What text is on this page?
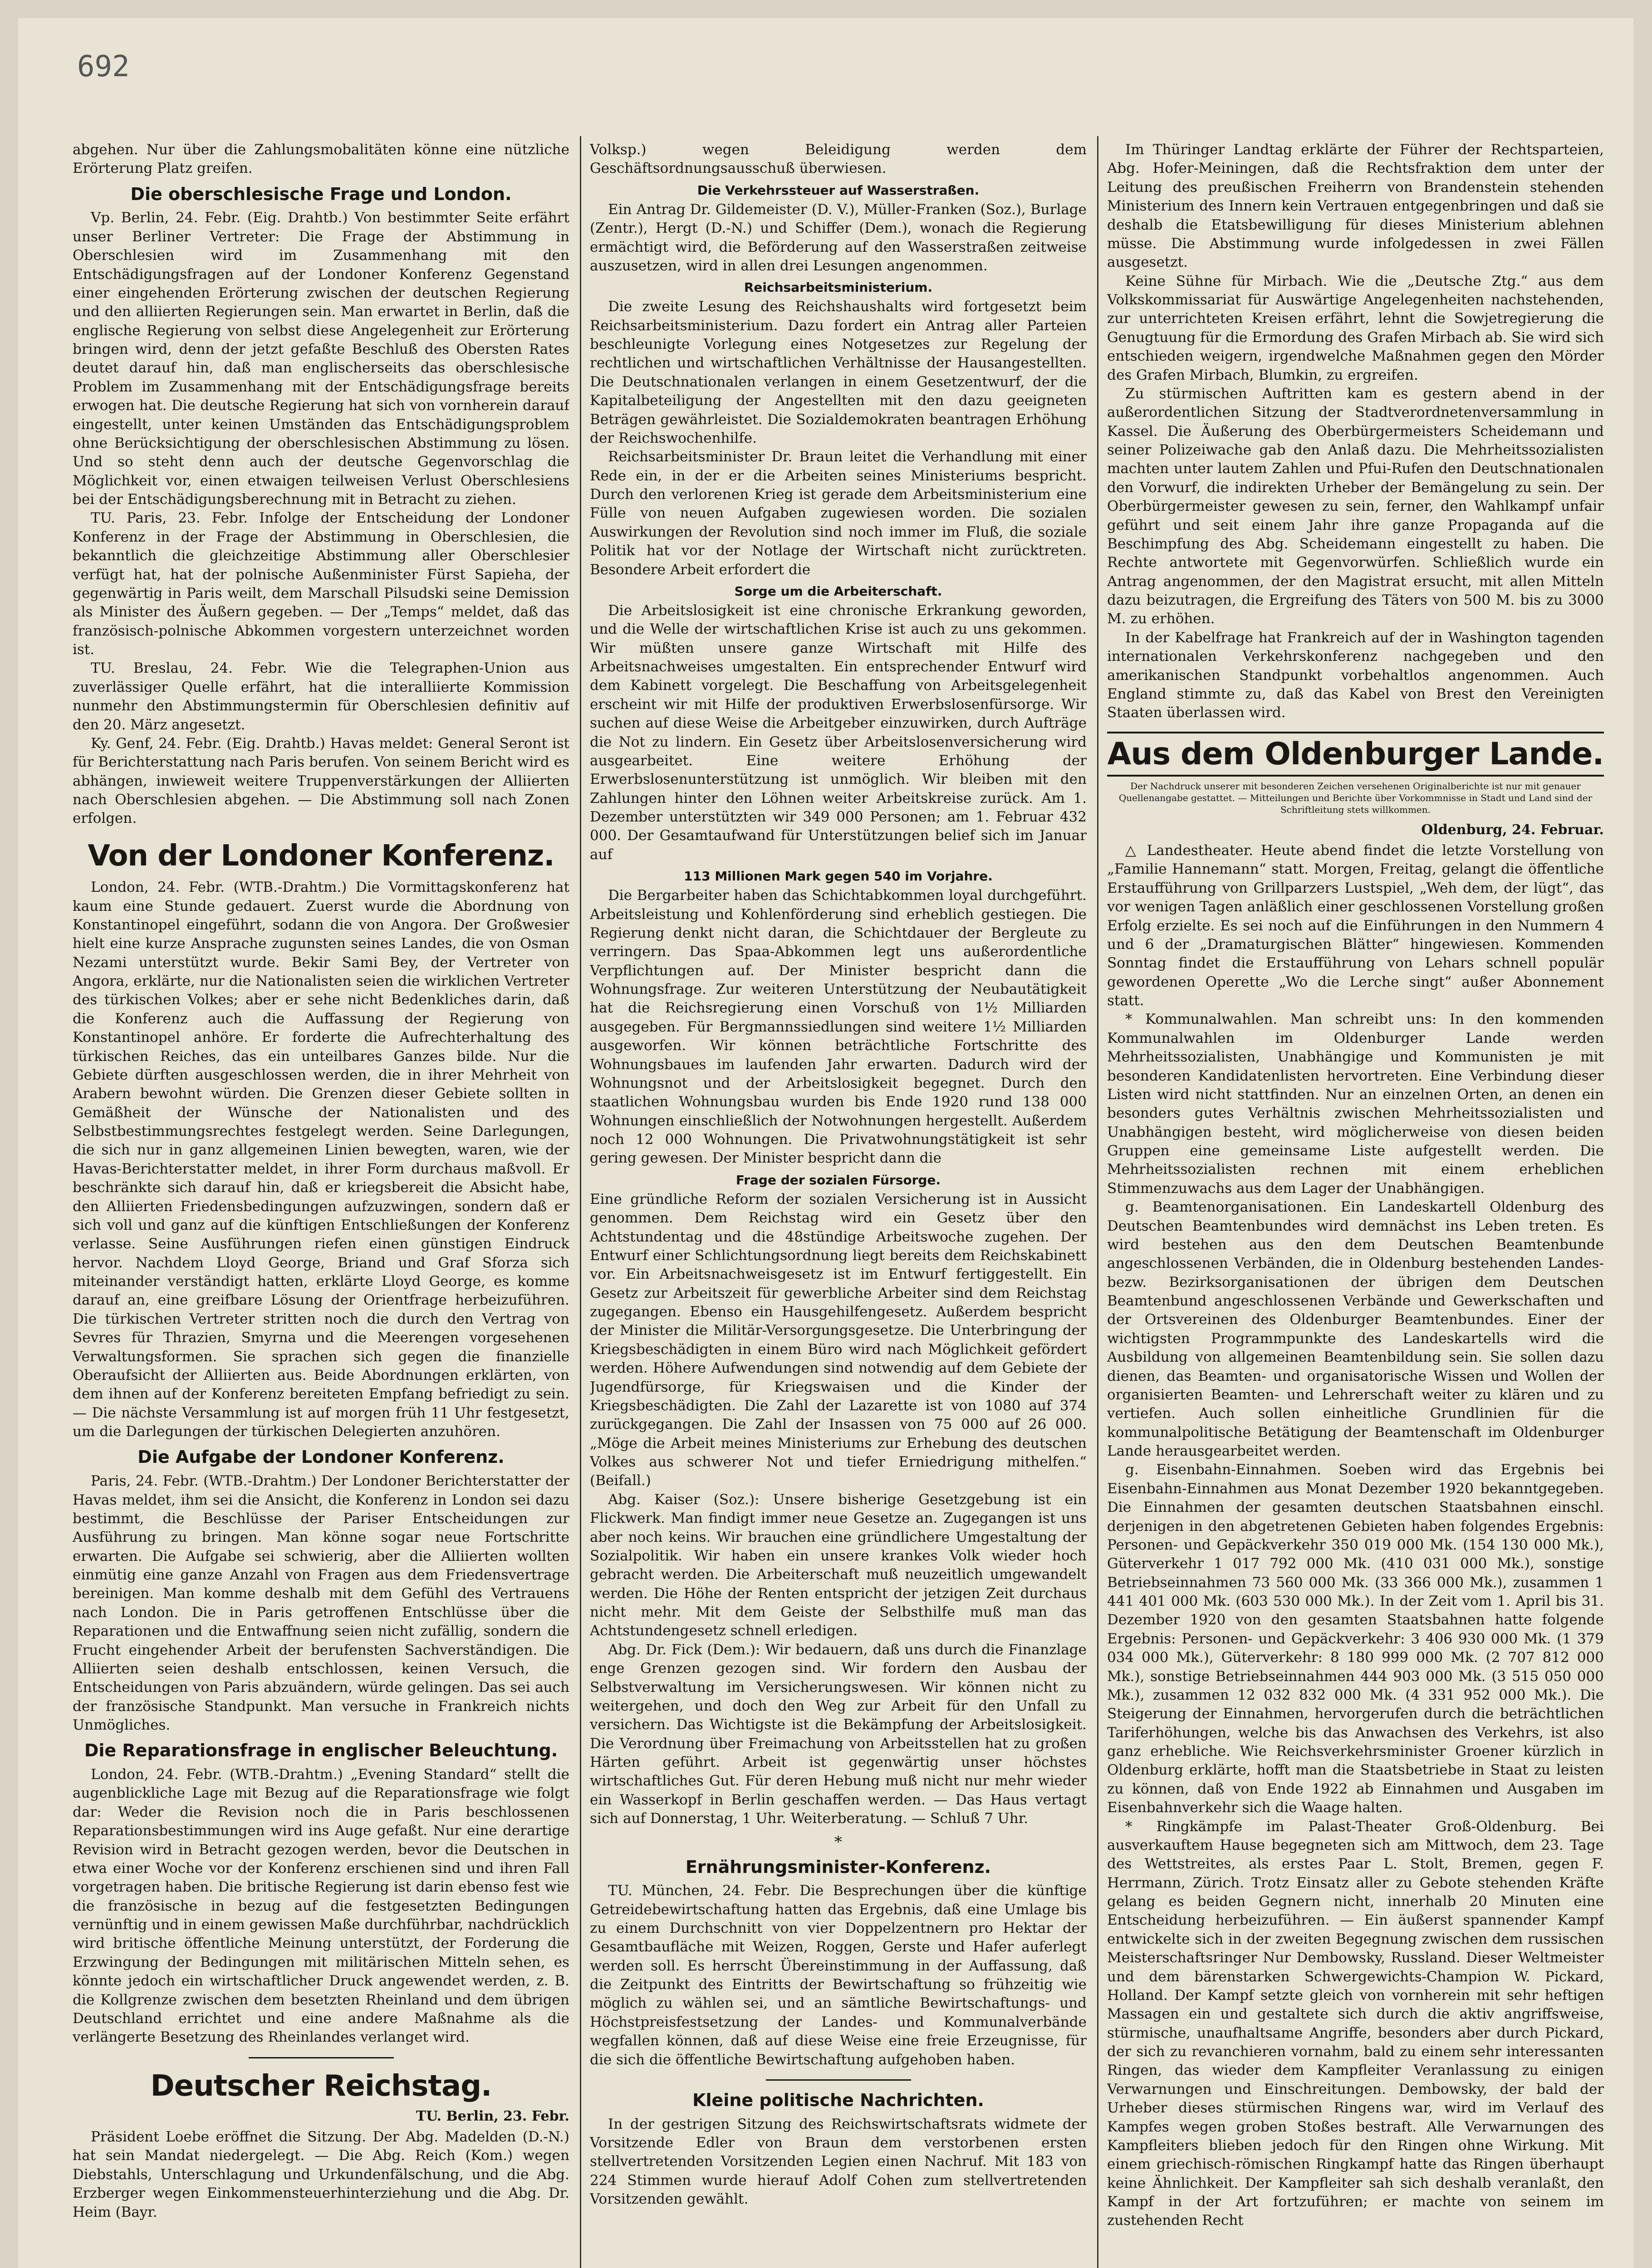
692

abgehen. Nur über die Zahlungsmobalitäten könne eine nützliche Erörterung Platz greifen.

Die oberschlesische Frage und London.

Vp. Berlin, 24. Febr. (Eig. Drahtb.) Von bestimmter Seite erfährt unser Berliner Vertreter: Die Frage der Abstimmung in Oberschlesien wird im Zusammenhang mit den Entschädigungsfragen auf der Londoner Konferenz Gegenstand einer eingehenden Erörterung zwischen der deutschen Regierung und den alliierten Regierungen sein. Man erwartet in Berlin, daß die englische Regierung von selbst diese Angelegenheit zur Erörterung bringen wird, denn der jetzt gefaßte Beschluß des Obersten Rates deutet darauf hin, daß man englischerseits das oberschlesische Problem im Zusammenhang mit der Entschädigungsfrage bereits erwogen hat. Die deutsche Regierung hat sich von vornherein darauf eingestellt, unter keinen Umständen das Entschädigungsproblem ohne Berücksichtigung der oberschlesischen Abstimmung zu lösen. Und so steht denn auch der deutsche Gegenvorschlag die Möglichkeit vor, einen etwaigen teilweisen Verlust Oberschlesiens bei der Entschädigungsberechnung mit in Betracht zu ziehen.

TU. Paris, 23. Febr. Infolge der Entscheidung der Londoner Konferenz in der Frage der Abstimmung in Oberschlesien, die bekanntlich die gleichzeitige Abstimmung aller Oberschlesier verfügt hat, hat der polnische Außenminister Fürst Sapieha, der gegenwärtig in Paris weilt, dem Marschall Pilsudski seine Demission als Minister des Äußern gegeben. — Der „Temps“ meldet, daß das französisch-polnische Abkommen vorgestern unterzeichnet worden ist.

TU. Breslau, 24. Febr. Wie die Telegraphen-Union aus zuverlässiger Quelle erfährt, hat die interalliierte Kommission nunmehr den Abstimmungstermin für Oberschlesien definitiv auf den 20. März angesetzt.

Ky. Genf, 24. Febr. (Eig. Drahtb.) Havas meldet: General Seront ist für Berichterstattung nach Paris berufen. Von seinem Bericht wird es abhängen, inwieweit weitere Truppenverstärkungen der Alliierten nach Oberschlesien abgehen. — Die Abstimmung soll nach Zonen erfolgen.

Von der Londoner Konferenz.

London, 24. Febr. (WTB.-Drahtm.) Die Vormittagskonferenz hat kaum eine Stunde gedauert. Zuerst wurde die Abordnung von Konstantinopel eingeführt, sodann die von Angora. Der Großwesier hielt eine kurze Ansprache zugunsten seines Landes, die von Osman Nezami unterstützt wurde. Bekir Sami Bey, der Vertreter von Angora, erklärte, nur die Nationalisten seien die wirklichen Vertreter des türkischen Volkes; aber er sehe nicht Bedenkliches darin, daß die Konferenz auch die Auffassung der Regierung von Konstantinopel anhöre. Er forderte die Aufrechterhaltung des türkischen Reiches, das ein unteilbares Ganzes bilde. Nur die Gebiete dürften ausgeschlossen werden, die in ihrer Mehrheit von Arabern bewohnt würden. Die Grenzen dieser Gebiete sollten in Gemäßheit der Wünsche der Nationalisten und des Selbstbestimmungsrechtes festgelegt werden. Seine Darlegungen, die sich nur in ganz allgemeinen Linien bewegten, waren, wie der Havas-Berichterstatter meldet, in ihrer Form durchaus maßvoll. Er beschränkte sich darauf hin, daß er kriegsbereit die Absicht habe, den Alliierten Friedensbedingungen aufzuzwingen, sondern daß er sich voll und ganz auf die künftigen Entschließungen der Konferenz verlasse. Seine Ausführungen riefen einen günstigen Eindruck hervor. Nachdem Lloyd George, Briand und Graf Sforza sich miteinander verständigt hatten, erklärte Lloyd George, es komme darauf an, eine greifbare Lösung der Orientfrage herbeizuführen. Die türkischen Vertreter stritten noch die durch den Vertrag von Sevres für Thrazien, Smyrna und die Meerengen vorgesehenen Verwaltungsformen. Sie sprachen sich gegen die finanzielle Oberaufsicht der Alliierten aus. Beide Abordnungen erklärten, von dem ihnen auf der Konferenz bereiteten Empfang befriedigt zu sein. — Die nächste Versammlung ist auf morgen früh 11 Uhr festgesetzt, um die Darlegungen der türkischen Delegierten anzuhören.

Die Aufgabe der Londoner Konferenz.

Paris, 24. Febr. (WTB.-Drahtm.) Der Londoner Berichterstatter der Havas meldet, ihm sei die Ansicht, die Konferenz in London sei dazu bestimmt, die Beschlüsse der Pariser Entscheidungen zur Ausführung zu bringen. Man könne sogar neue Fortschritte erwarten. Die Aufgabe sei schwierig, aber die Alliierten wollten einmütig eine ganze Anzahl von Fragen aus dem Friedensvertrage bereinigen. Man komme deshalb mit dem Gefühl des Vertrauens nach London. Die in Paris getroffenen Entschlüsse über die Reparationen und die Entwaffnung seien nicht zufällig, sondern die Frucht eingehender Arbeit der berufensten Sachverständigen. Die Alliierten seien deshalb entschlossen, keinen Versuch, die Entscheidungen von Paris abzuändern, würde gelingen. Das sei auch der französische Standpunkt. Man versuche in Frankreich nichts Unmögliches.

Die Reparationsfrage in englischer Beleuchtung.

London, 24. Febr. (WTB.-Drahtm.) „Evening Standard“ stellt die augenblickliche Lage mit Bezug auf die Reparationsfrage wie folgt dar: Weder die Revision noch die in Paris beschlossenen Reparationsbestimmungen wird ins Auge gefaßt. Nur eine derartige Revision wird in Betracht gezogen werden, bevor die Deutschen in etwa einer Woche vor der Konferenz erschienen sind und ihren Fall vorgetragen haben. Die britische Regierung ist darin ebenso fest wie die französische in bezug auf die festgesetzten Bedingungen vernünftig und in einem gewissen Maße durchführbar, nachdrücklich wird britische öffentliche Meinung unterstützt, der Forderung die Erzwingung der Bedingungen mit militärischen Mitteln sehen, es könnte jedoch ein wirtschaftlicher Druck angewendet werden, z. B. die Kollgrenze zwischen dem besetzten Rheinland und dem übrigen Deutschland errichtet und eine andere Maßnahme als die verlängerte Besetzung des Rheinlandes verlanget wird.

Deutscher Reichstag.
TU. Berlin, 23. Febr.

Präsident Loebe eröffnet die Sitzung. Der Abg. Madelden (D.-N.) hat sein Mandat niedergelegt. — Die Abg. Reich (Kom.) wegen Diebstahls, Unterschlagung und Urkundenfälschung, und die Abg. Erzberger wegen Einkommensteuerhinterziehung und die Abg. Dr. Heim (Bayr.

Volksp.) wegen Beleidigung werden dem Geschäftsordnungsausschuß überwiesen.

Die Verkehrssteuer auf Wasserstraßen.

Ein Antrag Dr. Gildemeister (D. V.), Müller-Franken (Soz.), Burlage (Zentr.), Hergt (D.-N.) und Schiffer (Dem.), wonach die Regierung ermächtigt wird, die Beförderung auf den Wasserstraßen zeitweise auszusetzen, wird in allen drei Lesungen angenommen.

Reichsarbeitsministerium.

Die zweite Lesung des Reichshaushalts wird fortgesetzt beim Reichsarbeitsministerium. Dazu fordert ein Antrag aller Parteien beschleunigte Vorlegung eines Notgesetzes zur Regelung der rechtlichen und wirtschaftlichen Verhältnisse der Hausangestellten. Die Deutschnationalen verlangen in einem Gesetzentwurf, der die Kapitalbeteiligung der Angestellten mit den dazu geeigneten Beträgen gewährleistet. Die Sozialdemokraten beantragen Erhöhung der Reichswochenhilfe.

Reichsarbeitsminister Dr. Braun leitet die Verhandlung mit einer Rede ein, in der er die Arbeiten seines Ministeriums bespricht. Durch den verlorenen Krieg ist gerade dem Arbeitsministerium eine Fülle von neuen Aufgaben zugewiesen worden. Die sozialen Auswirkungen der Revolution sind noch immer im Fluß, die soziale Politik hat vor der Notlage der Wirtschaft nicht zurücktreten. Besondere Arbeit erfordert die

Sorge um die Arbeiterschaft.

Die Arbeitslosigkeit ist eine chronische Erkrankung geworden, und die Welle der wirtschaftlichen Krise ist auch zu uns gekommen. Wir müßten unsere ganze Wirtschaft mit Hilfe des Arbeitsnachweises umgestalten. Ein entsprechender Entwurf wird dem Kabinett vorgelegt. Die Beschaffung von Arbeitsgelegenheit erscheint wir mit Hilfe der produktiven Erwerbslosenfürsorge. Wir suchen auf diese Weise die Arbeitgeber einzuwirken, durch Aufträge die Not zu lindern. Ein Gesetz über Arbeitslosenversicherung wird ausgearbeitet. Eine weitere Erhöhung der Erwerbslosenunterstützung ist unmöglich. Wir bleiben mit den Zahlungen hinter den Löhnen weiter Arbeitskreise zurück. Am 1. Dezember unterstützten wir 349 000 Personen; am 1. Februar 432 000. Der Gesamtaufwand für Unterstützungen belief sich im Januar auf

113 Millionen Mark gegen 540 im Vorjahre.

Die Bergarbeiter haben das Schichtabkommen loyal durchgeführt. Arbeitsleistung und Kohlenförderung sind erheblich gestiegen. Die Regierung denkt nicht daran, die Schichtdauer der Bergleute zu verringern. Das Spaa-Abkommen legt uns außerordentliche Verpflichtungen auf. Der Minister bespricht dann die Wohnungsfrage. Zur weiteren Unterstützung der Neubautätigkeit hat die Reichsregierung einen Vorschuß von 1½ Milliarden ausgegeben. Für Bergmannssiedlungen sind weitere 1½ Milliarden ausgeworfen. Wir können beträchtliche Fortschritte des Wohnungsbaues im laufenden Jahr erwarten. Dadurch wird der Wohnungsnot und der Arbeitslosigkeit begegnet. Durch den staatlichen Wohnungsbau wurden bis Ende 1920 rund 138 000 Wohnungen einschließlich der Notwohnungen hergestellt. Außerdem noch 12 000 Wohnungen. Die Privatwohnungstätigkeit ist sehr gering gewesen. Der Minister bespricht dann die

Frage der sozialen Fürsorge.

Eine gründliche Reform der sozialen Versicherung ist in Aussicht genommen. Dem Reichstag wird ein Gesetz über den Achtstundentag und die 48stündige Arbeitswoche zugehen. Der Entwurf einer Schlichtungsordnung liegt bereits dem Reichskabinett vor. Ein Arbeitsnachweisgesetz ist im Entwurf fertiggestellt. Ein Gesetz zur Arbeitszeit für gewerbliche Arbeiter sind dem Reichstag zugegangen. Ebenso ein Hausgehilfengesetz. Außerdem bespricht der Minister die Militär-Versorgungsgesetze. Die Unterbringung der Kriegsbeschädigten in einem Büro wird nach Möglichkeit gefördert werden. Höhere Aufwendungen sind notwendig auf dem Gebiete der Jugendfürsorge, für Kriegswaisen und die Kinder der Kriegsbeschädigten. Die Zahl der Lazarette ist von 1080 auf 374 zurückgegangen. Die Zahl der Insassen von 75 000 auf 26 000. „Möge die Arbeit meines Ministeriums zur Erhebung des deutschen Volkes aus schwerer Not und tiefer Erniedrigung mithelfen.“ (Beifall.)

Abg. Kaiser (Soz.): Unsere bisherige Gesetzgebung ist ein Flickwerk. Man findigt immer neue Gesetze an. Zugegangen ist uns aber noch keins. Wir brauchen eine gründlichere Umgestaltung der Sozialpolitik. Wir haben ein unsere krankes Volk wieder hoch gebracht werden. Die Arbeiterschaft muß neuzeitlich umgewandelt werden. Die Höhe der Renten entspricht der jetzigen Zeit durchaus nicht mehr. Mit dem Geiste der Selbsthilfe muß man das Achtstundengesetz schnell erledigen.

Abg. Dr. Fick (Dem.): Wir bedauern, daß uns durch die Finanzlage enge Grenzen gezogen sind. Wir fordern den Ausbau der Selbstverwaltung im Versicherungswesen. Wir können nicht zu weitergehen, und doch den Weg zur Arbeit für den Unfall zu versichern. Das Wichtigste ist die Bekämpfung der Arbeitslosigkeit. Die Verordnung über Freimachung von Arbeitsstellen hat zu großen Härten geführt. Arbeit ist gegenwärtig unser höchstes wirtschaftliches Gut. Für deren Hebung muß nicht nur mehr wieder ein Wasserkopf in Berlin geschaffen werden. — Das Haus vertagt sich auf Donnerstag, 1 Uhr. Weiterberatung. — Schluß 7 Uhr.

*
Ernährungsminister-Konferenz.

TU. München, 24. Febr. Die Besprechungen über die künftige Getreidebewirtschaftung hatten das Ergebnis, daß eine Umlage bis zu einem Durchschnitt von vier Doppelzentnern pro Hektar der Gesamtbaufläche mit Weizen, Roggen, Gerste und Hafer auferlegt werden soll. Es herrscht Übereinstimmung in der Auffassung, daß die Zeitpunkt des Eintritts der Bewirtschaftung so frühzeitig wie möglich zu wählen sei, und an sämtliche Bewirtschaftungs- und Höchstpreisfestsetzung der Landes- und Kommunalverbände wegfallen können, daß auf diese Weise eine freie Erzeugnisse, für die sich die öffentliche Bewirtschaftung aufgehoben haben.

Kleine politische Nachrichten.

In der gestrigen Sitzung des Reichswirtschaftsrats widmete der Vorsitzende Edler von Braun dem verstorbenen ersten stellvertretenden Vorsitzenden Legien einen Nachruf. Mit 183 von 224 Stimmen wurde hierauf Adolf Cohen zum stellvertretenden Vorsitzenden gewählt.

Im Thüringer Landtag erklärte der Führer der Rechtsparteien, Abg. Hofer-Meiningen, daß die Rechtsfraktion dem unter der Leitung des preußischen Freiherrn von Brandenstein stehenden Ministerium des Innern kein Vertrauen entgegenbringen und daß sie deshalb die Etatsbewilligung für dieses Ministerium ablehnen müsse. Die Abstimmung wurde infolgedessen in zwei Fällen ausgesetzt.

Keine Sühne für Mirbach. Wie die „Deutsche Ztg.“ aus dem Volkskommissariat für Auswärtige Angelegenheiten nachstehenden, zur unterrichteten Kreisen erfährt, lehnt die Sowjetregierung die Genugtuung für die Ermordung des Grafen Mirbach ab. Sie wird sich entschieden weigern, irgendwelche Maßnahmen gegen den Mörder des Grafen Mirbach, Blumkin, zu ergreifen.

Zu stürmischen Auftritten kam es gestern abend in der außerordentlichen Sitzung der Stadtverordnetenversammlung in Kassel. Die Äußerung des Oberbürgermeisters Scheidemann und seiner Polizeiwache gab den Anlaß dazu. Die Mehrheitssozialisten machten unter lautem Zahlen und Pfui-Rufen den Deutschnationalen den Vorwurf, die indirekten Urheber der Bemängelung zu sein. Der Oberbürgermeister gewesen zu sein, ferner, den Wahlkampf unfair geführt und seit einem Jahr ihre ganze Propaganda auf die Beschimpfung des Abg. Scheidemann eingestellt zu haben. Die Rechte antwortete mit Gegenvorwürfen. Schließlich wurde ein Antrag angenommen, der den Magistrat ersucht, mit allen Mitteln dazu beizutragen, die Ergreifung des Täters von 500 M. bis zu 3000 M. zu erhöhen.

In der Kabelfrage hat Frankreich auf der in Washington tagenden internationalen Verkehrskonferenz nachgegeben und den amerikanischen Standpunkt vorbehaltlos angenommen. Auch England stimmte zu, daß das Kabel von Brest den Vereinigten Staaten überlassen wird.

Aus dem Oldenburger Lande.
Der Nachdruck unserer mit besonderen Zeichen versehenen Originalberichte ist nur mit genauer Quellenangabe gestattet. — Mitteilungen und Berichte über Vorkommnisse in Stadt und Land sind der Schriftleitung stets willkommen.
Oldenburg, 24. Februar.

△ Landestheater. Heute abend findet die letzte Vorstellung von „Familie Hannemann“ statt. Morgen, Freitag, gelangt die öffentliche Erstaufführung von Grillparzers Lustspiel, „Weh dem, der lügt“, das vor wenigen Tagen anläßlich einer geschlossenen Vorstellung großen Erfolg erzielte. Es sei noch auf die Einführungen in den Nummern 4 und 6 der „Dramaturgischen Blätter“ hingewiesen. Kommenden Sonntag findet die Erstaufführung von Lehars schnell populär gewordenen Operette „Wo die Lerche singt“ außer Abonnement statt.

* Kommunalwahlen. Man schreibt uns: In den kommenden Kommunalwahlen im Oldenburger Lande werden Mehrheitssozialisten, Unabhängige und Kommunisten je mit besonderen Kandidatenlisten hervortreten. Eine Verbindung dieser Listen wird nicht stattfinden. Nur an einzelnen Orten, an denen ein besonders gutes Verhältnis zwischen Mehrheitssozialisten und Unabhängigen besteht, wird möglicherweise von diesen beiden Gruppen eine gemeinsame Liste aufgestellt werden. Die Mehrheitssozialisten rechnen mit einem erheblichen Stimmenzuwachs aus dem Lager der Unabhängigen.

g. Beamtenorganisationen. Ein Landeskartell Oldenburg des Deutschen Beamtenbundes wird demnächst ins Leben treten. Es wird bestehen aus den dem Deutschen Beamtenbunde angeschlossenen Verbänden, die in Oldenburg bestehenden Landes- bezw. Bezirksorganisationen der übrigen dem Deutschen Beamtenbund angeschlossenen Verbände und Gewerkschaften und der Ortsvereinen des Oldenburger Beamtenbundes. Einer der wichtigsten Programmpunkte des Landeskartells wird die Ausbildung von allgemeinen Beamtenbildung sein. Sie sollen dazu dienen, das Beamten- und organisatorische Wissen und Wollen der organisierten Beamten- und Lehrerschaft weiter zu klären und zu vertiefen. Auch sollen einheitliche Grundlinien für die kommunalpolitische Betätigung der Beamtenschaft im Oldenburger Lande herausgearbeitet werden.

g. Eisenbahn-Einnahmen. Soeben wird das Ergebnis bei Eisenbahn-Einnahmen aus Monat Dezember 1920 bekanntgegeben. Die Einnahmen der gesamten deutschen Staatsbahnen einschl. derjenigen in den abgetretenen Gebieten haben folgendes Ergebnis: Personen- und Gepäckverkehr 350 019 000 Mk. (154 130 000 Mk.), Güterverkehr 1 017 792 000 Mk. (410 031 000 Mk.), sonstige Betriebseinnahmen 73 560 000 Mk. (33 366 000 Mk.), zusammen 1 441 401 000 Mk. (603 530 000 Mk.). In der Zeit vom 1. April bis 31. Dezember 1920 von den gesamten Staatsbahnen hatte folgende Ergebnis: Personen- und Gepäckverkehr: 3 406 930 000 Mk. (1 379 034 000 Mk.), Güterverkehr: 8 180 999 000 Mk. (2 707 812 000 Mk.), sonstige Betriebseinnahmen 444 903 000 Mk. (3 515 050 000 Mk.), zusammen 12 032 832 000 Mk. (4 331 952 000 Mk.). Die Steigerung der Einnahmen, hervorgerufen durch die beträchtlichen Tariferhöhungen, welche bis das Anwachsen des Verkehrs, ist also ganz erhebliche. Wie Reichsverkehrsminister Groener kürzlich in Oldenburg erklärte, hofft man die Staatsbetriebe in Staat zu leisten zu können, daß von Ende 1922 ab Einnahmen und Ausgaben im Eisenbahnverkehr sich die Waage halten.

* Ringkämpfe im Palast-Theater Groß-Oldenburg. Bei ausverkauftem Hause begegneten sich am Mittwoch, dem 23. Tage des Wettstreites, als erstes Paar L. Stolt, Bremen, gegen F. Herrmann, Zürich. Trotz Einsatz aller zu Gebote stehenden Kräfte gelang es beiden Gegnern nicht, innerhalb 20 Minuten eine Entscheidung herbeizuführen. — Ein äußerst spannender Kampf entwickelte sich in der zweiten Begegnung zwischen dem russischen Meisterschaftsringer Nur Dembowsky, Russland. Dieser Weltmeister und dem bärenstarken Schwergewichts-Champion W. Pickard, Holland. Der Kampf setzte gleich von vornherein mit sehr heftigen Massagen ein und gestaltete sich durch die aktiv angriffsweise, stürmische, unaufhaltsame Angriffe, besonders aber durch Pickard, der sich zu revanchieren vornahm, bald zu einem sehr interessanten Ringen, das wieder dem Kampfleiter Veranlassung zu einigen Verwarnungen und Einschreitungen. Dembowsky, der bald der Urheber dieses stürmischen Ringens war, wird im Verlauf des Kampfes wegen groben Stoßes bestraft. Alle Verwarnungen des Kampfleiters blieben jedoch für den Ringen ohne Wirkung. Mit einem griechisch-römischen Ringkampf hatte das Ringen überhaupt keine Ähnlichkeit. Der Kampfleiter sah sich deshalb veranlaßt, den Kampf in der Art fortzuführen; er machte von seinem im zustehenden Recht
